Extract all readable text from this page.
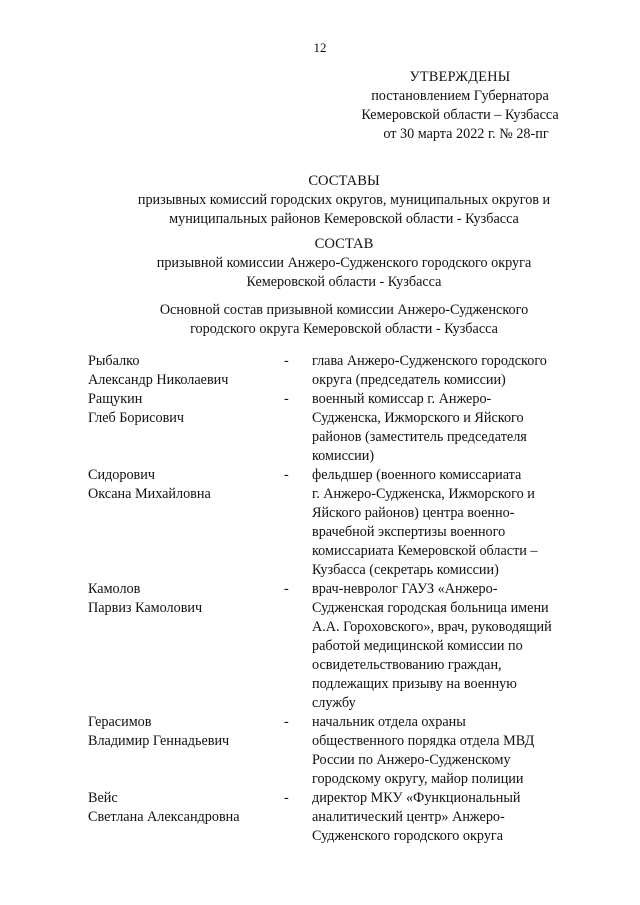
12
УТВЕРЖДЕНЫ
постановлением Губернатора
Кемеровской области – Кузбасса
от 30 марта 2022 г. № 28-пг
СОСТАВЫ
призывных комиссий городских округов, муниципальных округов и
муниципальных районов Кемеровской области - Кузбасса
СОСТАВ
призывной комиссии Анжеро-Судженского городского округа
Кемеровской области - Кузбасса
Основной состав призывной комиссии Анжеро-Судженского
городского округа Кемеровской области - Кузбасса
Рыбалко
Александр Николаевич
-	глава Анжеро-Судженского городского
округа (председатель комиссии)
Ращукин
Глеб Борисович
-	военный комиссар г. Анжеро-
Судженска, Ижморского и Яйского
районов (заместитель председателя
комиссии)
Сидорович
Оксана Михайловна
-	фельдшер (военного комиссариата
г. Анжеро-Судженска, Ижморского и
Яйского районов) центра военно-
врачебной экспертизы военного
комиссариата Кемеровской области –
Кузбасса (секретарь комиссии)
Камолов
Парвиз Камолович
-	врач-невролог ГАУЗ «Анжеро-
Судженская городская больница имени
А.А. Гороховского», врач, руководящий
работой медицинской комиссии по
освидетельствованию граждан,
подлежащих призыву на военную
службу
Герасимов
Владимир Геннадьевич
-	начальник отдела охраны
общественного порядка отдела МВД
России по Анжеро-Судженскому
городскому округу, майор полиции
Вейс
Светлана Александровна
-	директор МКУ «Функциональный
аналитический центр» Анжеро-
Судженского городского округа
